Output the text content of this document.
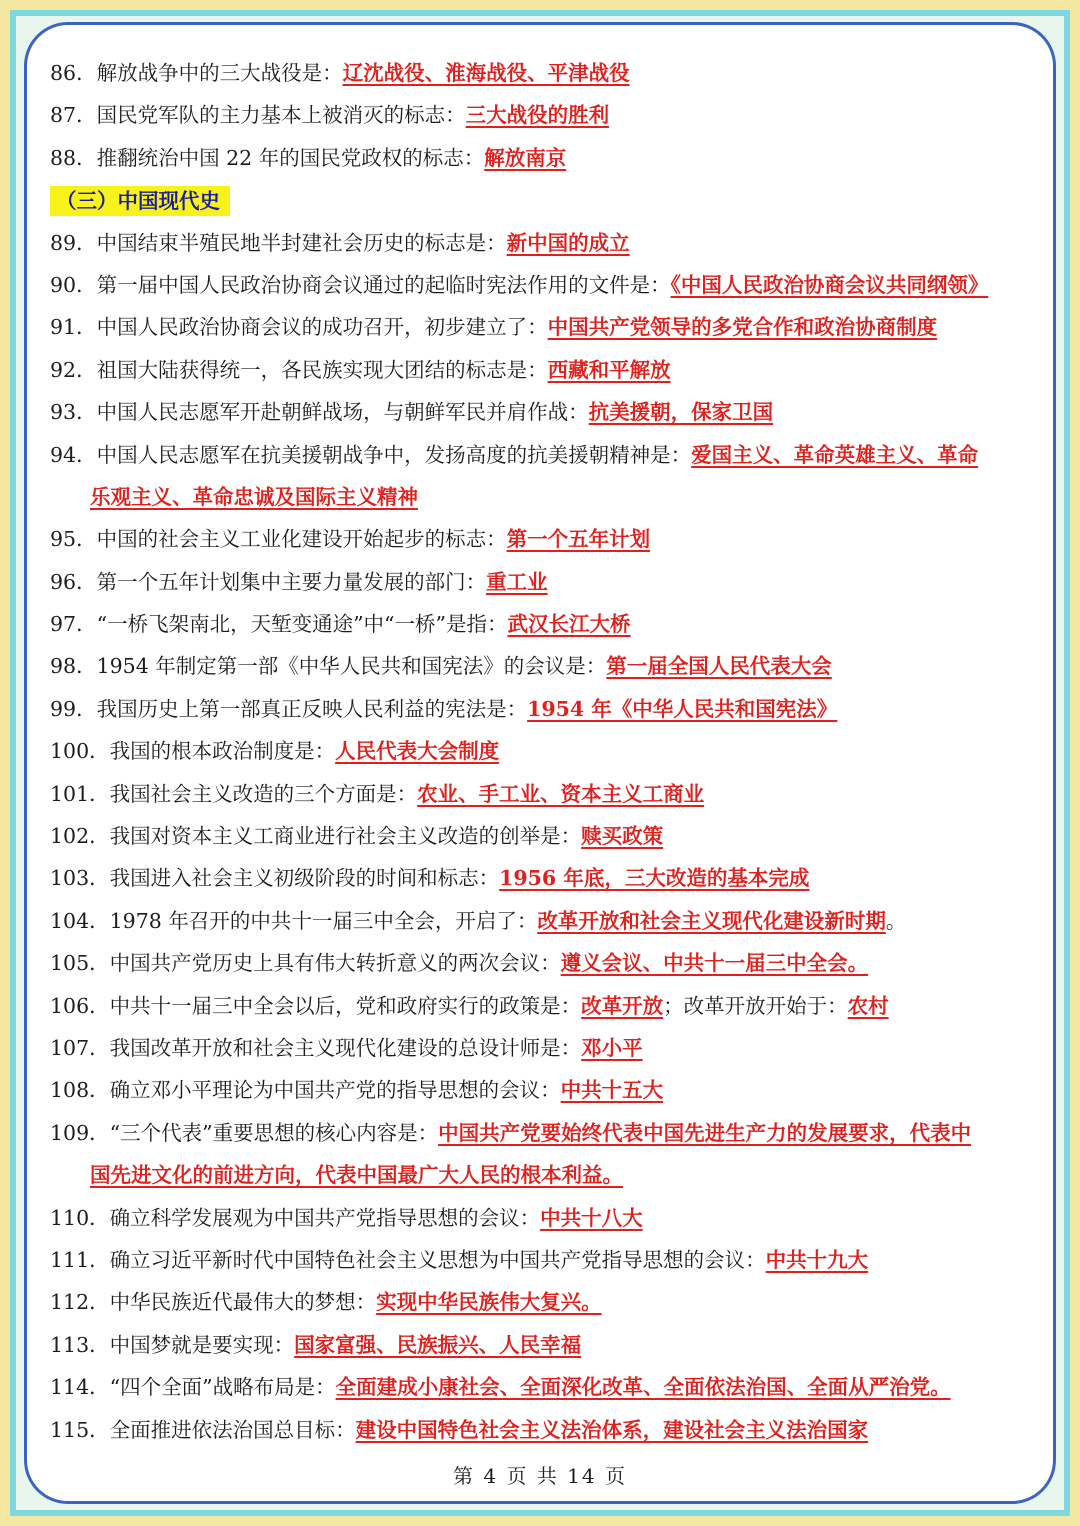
86．解放战争中的三大战役是：辽沈战役、淮海战役、平津战役
87．国民党军队的主力基本上被消灭的标志：三大战役的胜利
88．推翻统治中国 22 年的国民党政权的标志：解放南京
（三）中国现代史
89．中国结束半殖民地半封建社会历史的标志是：新中国的成立
90．第一届中国人民政治协商会议通过的起临时宪法作用的文件是：《中国人民政治协商会议共同纲领》
91．中国人民政治协商会议的成功召开，初步建立了：中国共产党领导的多党合作和政治协商制度
92．祖国大陆获得统一，各民族实现大团结的标志是：西藏和平解放
93．中国人民志愿军开赴朝鲜战场，与朝鲜军民并肩作战：抗美援朝，保家卫国
94．中国人民志愿军在抗美援朝战争中，发扬高度的抗美援朝精神是：爱国主义、革命英雄主义、革命
乐观主义、革命忠诚及国际主义精神
95．中国的社会主义工业化建设开始起步的标志：第一个五年计划
96．第一个五年计划集中主要力量发展的部门：重工业
97．“一桥飞架南北，天堑变通途”中“一桥”是指：武汉长江大桥
98．1954 年制定第一部《中华人民共和国宪法》的会议是：第一届全国人民代表大会
99．我国历史上第一部真正反映人民利益的宪法是：1954 年《中华人民共和国宪法》
100．我国的根本政治制度是：人民代表大会制度
101．我国社会主义改造的三个方面是：农业、手工业、资本主义工商业
102．我国对资本主义工商业进行社会主义改造的创举是：赎买政策
103．我国进入社会主义初级阶段的时间和标志：1956 年底，三大改造的基本完成
104．1978 年召开的中共十一届三中全会，开启了：改革开放和社会主义现代化建设新时期。
105．中国共产党历史上具有伟大转折意义的两次会议：遵义会议、中共十一届三中全会。
106．中共十一届三中全会以后，党和政府实行的政策是：改革开放；改革开放开始于：农村
107．我国改革开放和社会主义现代化建设的总设计师是：邓小平
108．确立邓小平理论为中国共产党的指导思想的会议：中共十五大
109．“三个代表”重要思想的核心内容是：中国共产党要始终代表中国先进生产力的发展要求，代表中
国先进文化的前进方向，代表中国最广大人民的根本利益。
110．确立科学发展观为中国共产党指导思想的会议：中共十八大
111．确立习近平新时代中国特色社会主义思想为中国共产党指导思想的会议：中共十九大
112．中华民族近代最伟大的梦想：实现中华民族伟大复兴。
113．中国梦就是要实现：国家富强、民族振兴、人民幸福
114．“四个全面”战略布局是：全面建成小康社会、全面深化改革、全面依法治国、全面从严治党。
115．全面推进依法治国总目标：建设中国特色社会主义法治体系，建设社会主义法治国家
第 4 页 共 14 页
